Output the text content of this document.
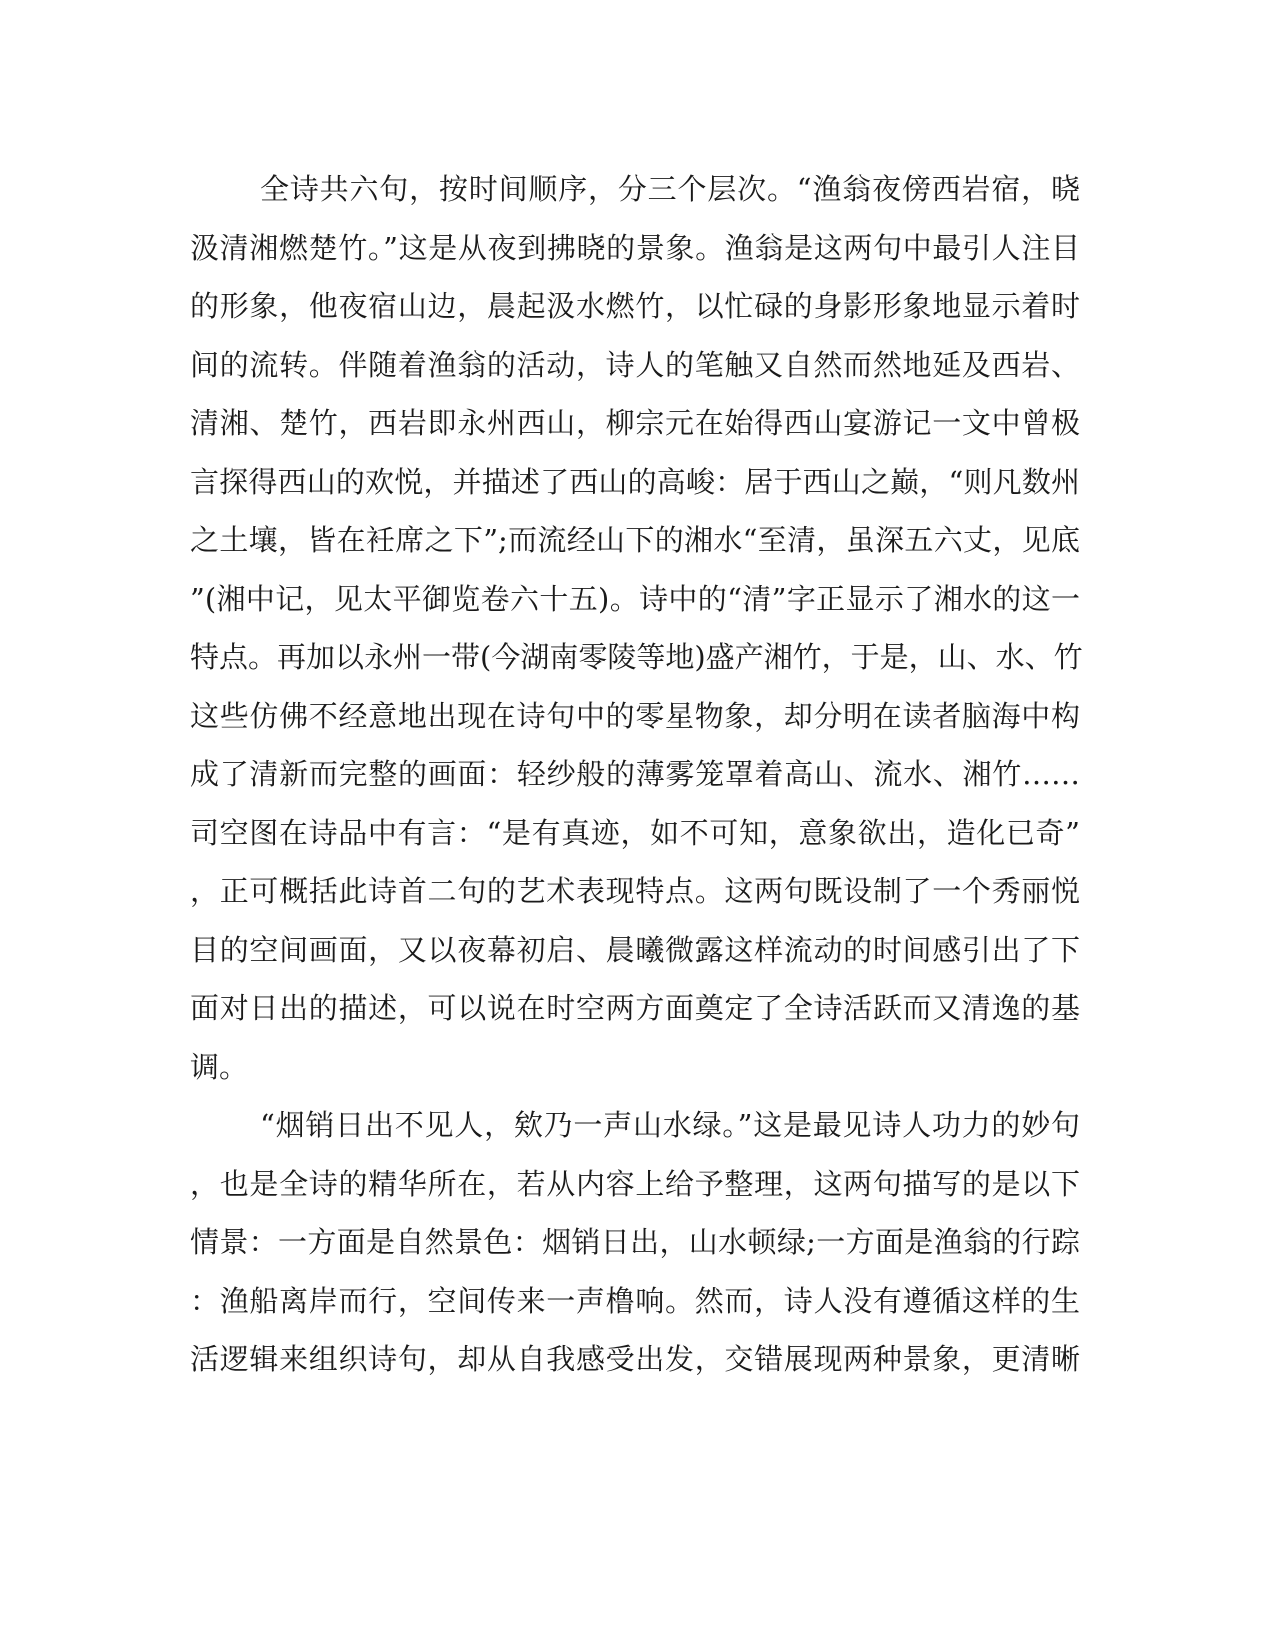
全诗共六句，按时间顺序，分三个层次。“渔翁夜傍西岩宿，晓
汲清湘燃楚竹。”这是从夜到拂晓的景象。渔翁是这两句中最引人注目
的形象，他夜宿山边，晨起汲水燃竹，以忙碌的身影形象地显示着时
间的流转。伴随着渔翁的活动，诗人的笔触又自然而然地延及西岩、
清湘、楚竹，西岩即永州西山，柳宗元在始得西山宴游记一文中曾极
言探得西山的欢悦，并描述了西山的高峻：居于西山之巅，“则凡数州
之土壤，皆在衽席之下”;而流经山下的湘水“至清，虽深五六丈，见底
”(湘中记，见太平御览卷六十五)。诗中的“清”字正显示了湘水的这一
特点。再加以永州一带(今湖南零陵等地)盛产湘竹，于是，山、水、竹
这些仿佛不经意地出现在诗句中的零星物象，却分明在读者脑海中构
成了清新而完整的画面：轻纱般的薄雾笼罩着高山、流水、湘竹……
司空图在诗品中有言：“是有真迹，如不可知，意象欲出，造化已奇”
，正可概括此诗首二句的艺术表现特点。这两句既设制了一个秀丽悦
目的空间画面，又以夜幕初启、晨曦微露这样流动的时间感引出了下
面对日出的描述，可以说在时空两方面奠定了全诗活跃而又清逸的基
调。
“烟销日出不见人，欸乃一声山水绿。”这是最见诗人功力的妙句
，也是全诗的精华所在，若从内容上给予整理，这两句描写的是以下
情景：一方面是自然景色：烟销日出，山水顿绿;一方面是渔翁的行踪
：渔船离岸而行，空间传来一声橹响。然而，诗人没有遵循这样的生
活逻辑来组织诗句，却从自我感受出发，交错展现两种景象，更清晰
